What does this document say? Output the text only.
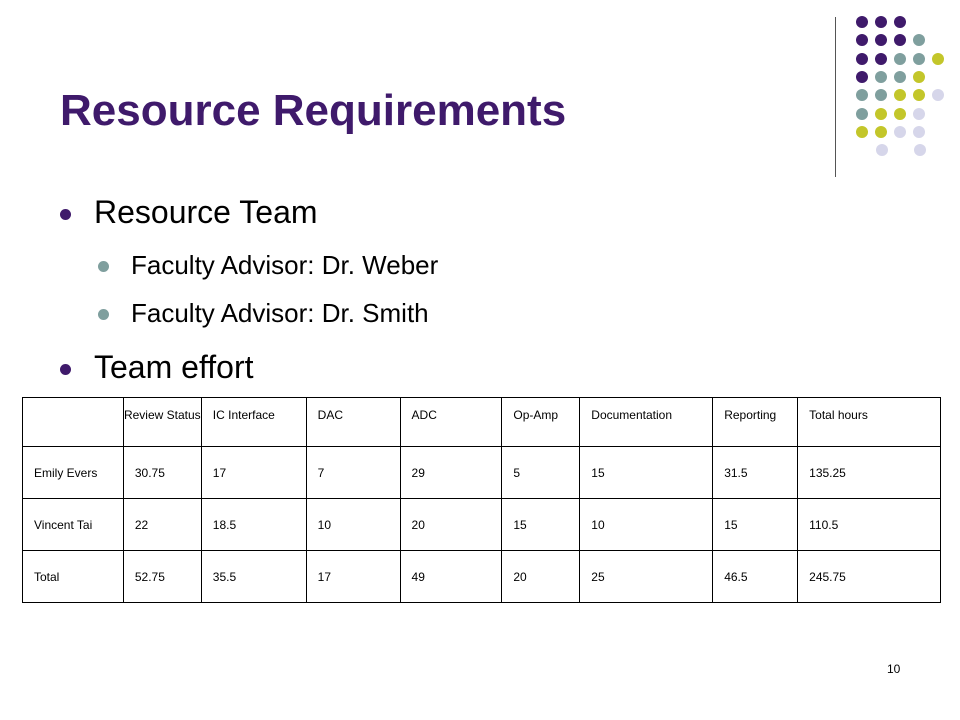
Resource Requirements
Resource Team
Faculty Advisor: Dr. Weber
Faculty Advisor: Dr. Smith
Team effort
	Review Status	IC Interface	DAC	ADC	Op-Amp	Documentation	Reporting	Total hours
Emily Evers	30.75	17	7	29	5	15	31.5	135.25
Vincent Tai	22	18.5	10	20	15	10	15	110.5
Total	52.75	35.5	17	49	20	25	46.5	245.75
10
